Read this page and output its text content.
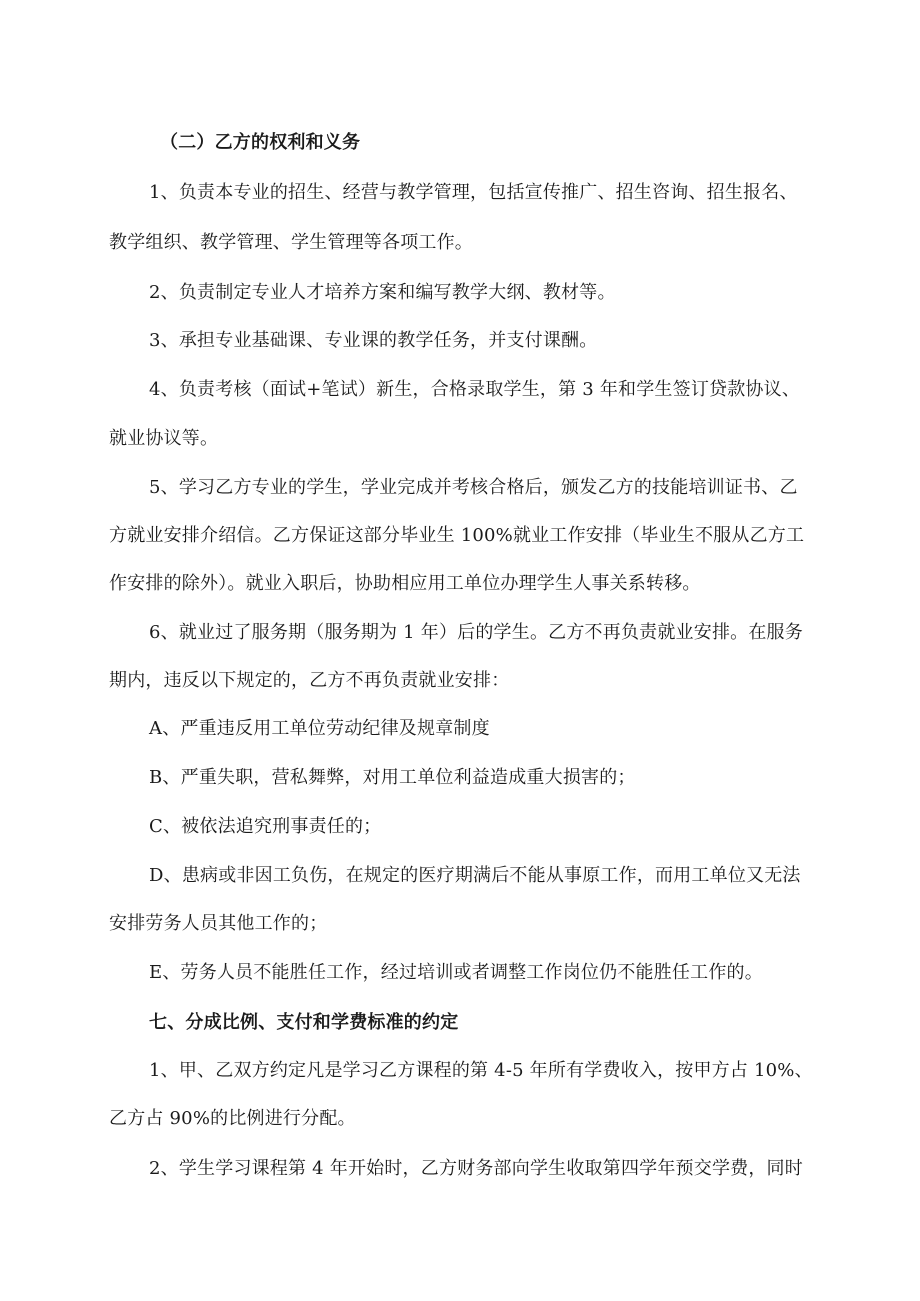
（二）乙方的权利和义务
1、负责本专业的招生、经营与教学管理，包括宣传推广、招生咨询、招生报名、
教学组织、教学管理、学生管理等各项工作。
2、负责制定专业人才培养方案和编写教学大纲、教材等。
3、承担专业基础课、专业课的教学任务，并支付课酬。
4、负责考核（面试+笔试）新生，合格录取学生，第 3 年和学生签订贷款协议、
就业协议等。
5、学习乙方专业的学生，学业完成并考核合格后，颁发乙方的技能培训证书、乙
方就业安排介绍信。乙方保证这部分毕业生 100%就业工作安排（毕业生不服从乙方工
作安排的除外）。就业入职后，协助相应用工单位办理学生人事关系转移。
6、就业过了服务期（服务期为 1 年）后的学生。乙方不再负责就业安排。在服务
期内，违反以下规定的，乙方不再负责就业安排：
A、严重违反用工单位劳动纪律及规章制度
B、严重失职，营私舞弊，对用工单位利益造成重大损害的；
C、被依法追究刑事责任的；
D、患病或非因工负伤，在规定的医疗期满后不能从事原工作，而用工单位又无法
安排劳务人员其他工作的；
E、劳务人员不能胜任工作，经过培训或者调整工作岗位仍不能胜任工作的。
七、分成比例、支付和学费标准的约定
1、甲、乙双方约定凡是学习乙方课程的第 4-5 年所有学费收入，按甲方占 10%、
乙方占 90%的比例进行分配。
2、学生学习课程第 4 年开始时，乙方财务部向学生收取第四学年预交学费，同时
